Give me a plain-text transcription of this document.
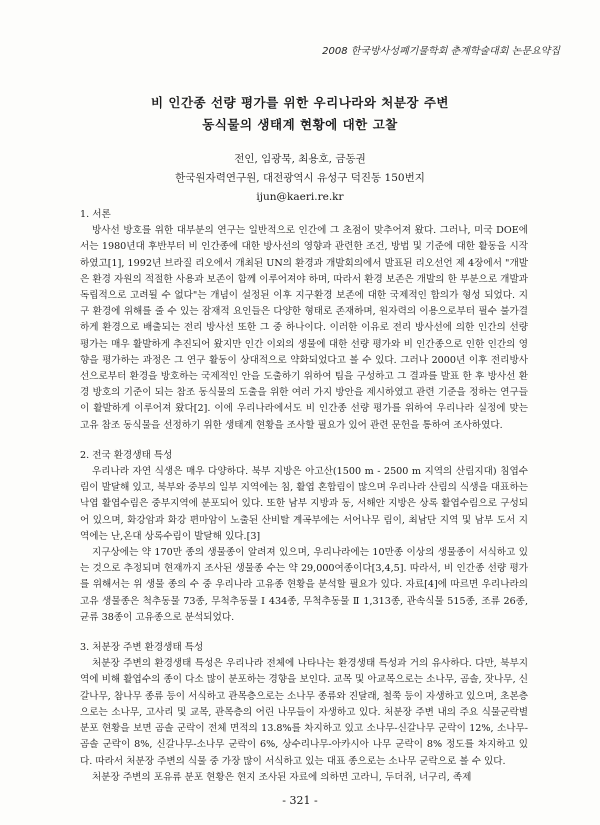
2008 한국방사성폐기물학회 춘계학술대회 논문요약집
비 인간종 선량 평가를 위한 우리나라와 처분장 주변
동식물의 생태계 현황에 대한 고찰
전인, 임광묵, 최용호, 금동권
한국원자력연구원, 대전광역시 유성구 덕진동 150번지
ijun@kaeri.re.kr
1. 서론

방사선 방호를 위한 대부분의 연구는 일반적으로 인간에 그 초점이 맞추어져 왔다. 그러나, 미국 DOE에서는 1980년대 후반부터 비 인간종에 대한 방사선의 영향과 관련한 조건, 방법 및 기준에 대한 활동을 시작하였고[1], 1992년 브라질 리오에서 개최된 UN의 환경과 개발회의에서 발표된 리오선언 제 4장에서 "개발은 환경 자원의 적절한 사용과 보존이 함께 이루어져야 하며, 따라서 환경 보존은 개발의 한 부분으로 개발과 독립적으로 고려될 수 없다"는 개념이 설정된 이후 지구환경 보존에 대한 국제적인 합의가 형성 되었다. 지구 환경에 위해를 줄 수 있는 잠재적 요인들은 다양한 형태로 존재하며, 원자력의 이용으로부터 필수 불가결하게 환경으로 배출되는 전리 방사선 또한 그 중 하나이다. 이러한 이유로 전리 방사선에 의한 인간의 선량 평가는 매우 활발하게 추진되어 왔지만 인간 이외의 생물에 대한 선량 평가와 비 인간종으로 인한 인간의 영향을 평가하는 과정은 그 연구 활동이 상대적으로 약화되었다고 볼 수 있다. 그러나 2000년 이후 전리방사선으로부터 환경을 방호하는 국제적인 안을 도출하기 위하여 팀을 구성하고 그 결과를 발표 한 후 방사선 환경 방호의 기준이 되는 참조 동식물의 도출을 위한 여러 가지 방안을 제시하였고 관련 기준을 정하는 연구들이 활발하게 이루어져 왔다[2]. 이에 우리나라에서도 비 인간종 선량 평가를 위하여 우리나라 실정에 맞는 고유 참조 동식물을 선정하기 위한 생태계 현황을 조사할 필요가 있어 관련 문헌을 통하여 조사하였다.

2. 전국 환경생태 특성

우리나라 자연 식생은 매우 다양하다. 북부 지방은 아고산(1500 m - 2500 m 지역의 산림지대) 침엽수림이 발달해 있고, 북부와 중부의 일부 지역에는 침, 활엽 혼합림이 많으며 우리나라 산림의 식생을 대표하는 낙엽 활엽수림은 중부지역에 분포되어 있다. 또한 남부 지방과 동, 서해안 지방은 상록 활엽수림으로 구성되어 있으며, 화강암과 화강 편마암이 노출된 산비탈 계곡부에는 서어나무 림이, 최남단 지역 및 남부 도서 지역에는 난,온대 상록수림이 발달해 있다.[3]

지구상에는 약 170만 종의 생물종이 알려져 있으며, 우리나라에는 10만종 이상의 생물종이 서식하고 있는 것으로 추정되며 현재까지 조사된 생물종 수는 약 29,000여종이다[3,4,5]. 따라서, 비 인간종 선량 평가를 위해서는 위 생물 종의 수 중 우리나라 고유종 현황을 분석할 필요가 있다. 자료[4]에 따르면 우리나라의 고유 생물종은 척추동물 73종, 무척추동물 Ⅰ 434종, 무척추동물 Ⅱ 1,313종, 관속식물 515종, 조류 26종, 균류 38종이 고유종으로 분석되었다.

3. 처분장 주변 환경생태 특성

처분장 주변의 환경생태 특성은 우리나라 전체에 나타나는 환경생태 특성과 거의 유사하다. 다만, 북부지역에 비해 활엽수의 종이 다소 많이 분포하는 경향을 보인다. 교목 및 아교목으로는 소나무, 곰솔, 잣나무, 신갈나무, 참나무 종류 등이 서식하고 관목층으로는 소나무 종류와 진달래, 철쭉 등이 자생하고 있으며, 초본층으로는 소나무, 고사리 및 교목, 관목층의 어린 나무들이 자생하고 있다. 처분장 주변 내의 주요 식물군락별 분포 현황을 보면 곰솔 군락이 전체 면적의 13.8%를 차지하고 있고 소나무-신갈나무 군락이 12%, 소나무-곰솔 군락이 8%, 신갈나무-소나무 군락이 6%, 상수리나무-아카시아 나무 군락이 8% 정도를 차지하고 있다. 따라서 처분장 주변의 식물 중 가장 많이 서식하고 있는 대표 종으로는 소나무 군락으로 볼 수 있다.

처분장 주변의 포유류 분포 현황은 현지 조사된 자료에 의하면 고라니, 두더쥐, 너구리, 족제

- 321 -
